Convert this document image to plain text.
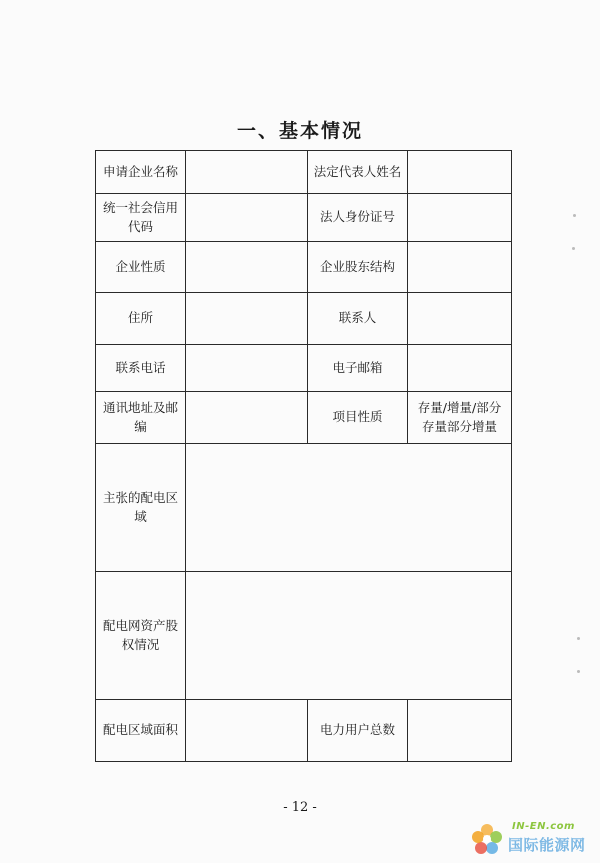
一、基本情况
申请企业名称		法定代表人姓名	
统一社会信用代码		法人身份证号	
企业性质		企业股东结构	
住所		联系人	
联系电话		电子邮箱	
通讯地址及邮编		项目性质	存量/增量/部分存量部分增量
主张的配电区域			
配电网资产股权情况			
配电区域面积		电力用户总数	
- 12 -
IN-EN.com
国际能源网
